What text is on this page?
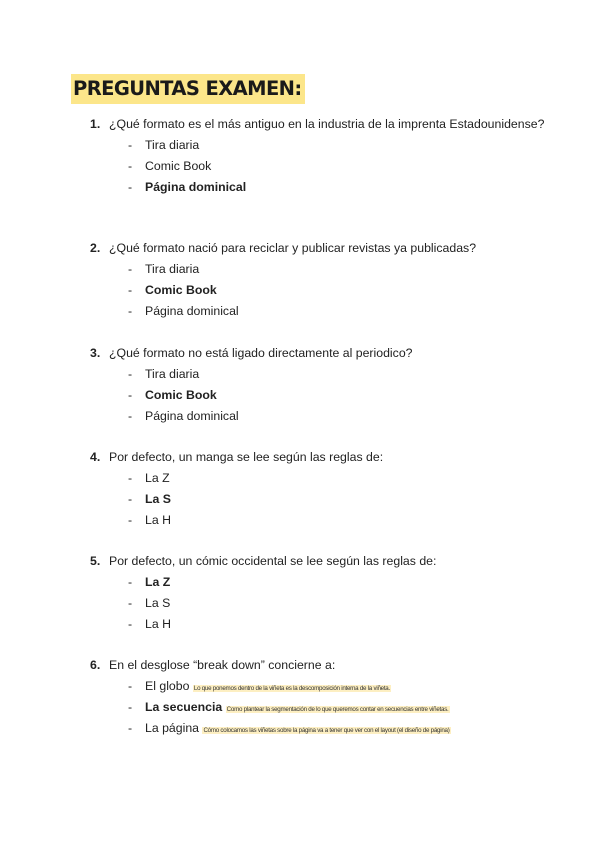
PREGUNTAS EXAMEN:
1. ¿Qué formato es el más antiguo en la industria de la imprenta Estadounidense?
- Tira diaria
- Comic Book
- Página dominical
2. ¿Qué formato nació para reciclar y publicar revistas ya publicadas?
- Tira diaria
- Comic Book
- Página dominical
3. ¿Qué formato no está ligado directamente al periodico?
- Tira diaria
- Comic Book
- Página dominical
4. Por defecto, un manga se lee según las reglas de:
- La Z
- La S
- La H
5. Por defecto, un cómic occidental se lee según las reglas de:
- La Z
- La S
- La H
6. En el desglose “break down” concierne a:
- El globo Lo que ponemos dentro de la viñeta es la descomposición interna de la viñeta.
- La secuencia Como plantear la segmentación de lo que queremos contar en secuencias entre viñetas.
- La página Cómo colocamos las viñetas sobre la página va a tener que ver con el layout (el diseño de página)
